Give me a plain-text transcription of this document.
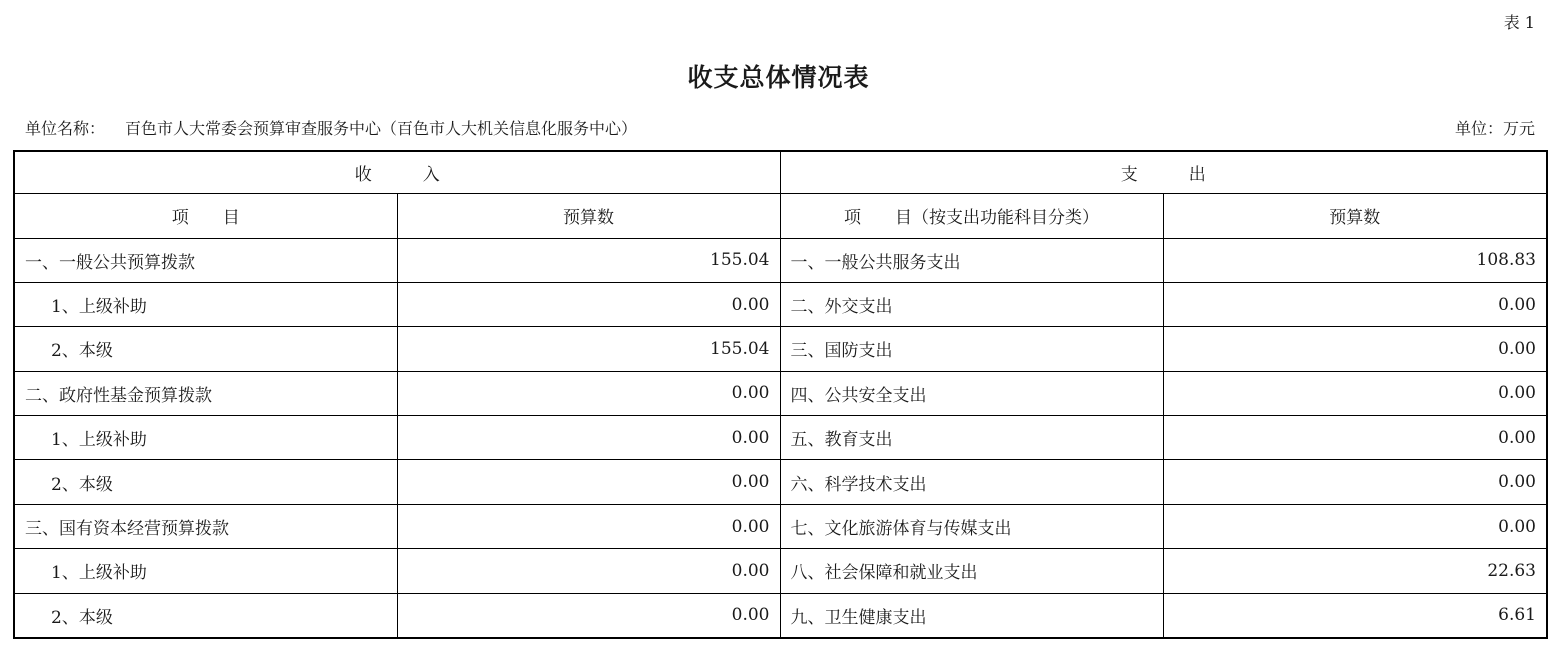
表 1
收支总体情况表
单位名称： 百色市人大常委会预算审查服务中心（百色市人大机关信息化服务中心）	单位：万元
收　　　入		支　　　出	
项　　目	预算数	项　　目（按支出功能科目分类）	预算数
一、一般公共预算拨款	155.04	一、一般公共服务支出	108.83
1、上级补助	0.00	二、外交支出	0.00
2、本级	155.04	三、国防支出	0.00
二、政府性基金预算拨款	0.00	四、公共安全支出	0.00
1、上级补助	0.00	五、教育支出	0.00
2、本级	0.00	六、科学技术支出	0.00
三、国有资本经营预算拨款	0.00	七、文化旅游体育与传媒支出	0.00
1、上级补助	0.00	八、社会保障和就业支出	22.63
2、本级	0.00	九、卫生健康支出	6.61
